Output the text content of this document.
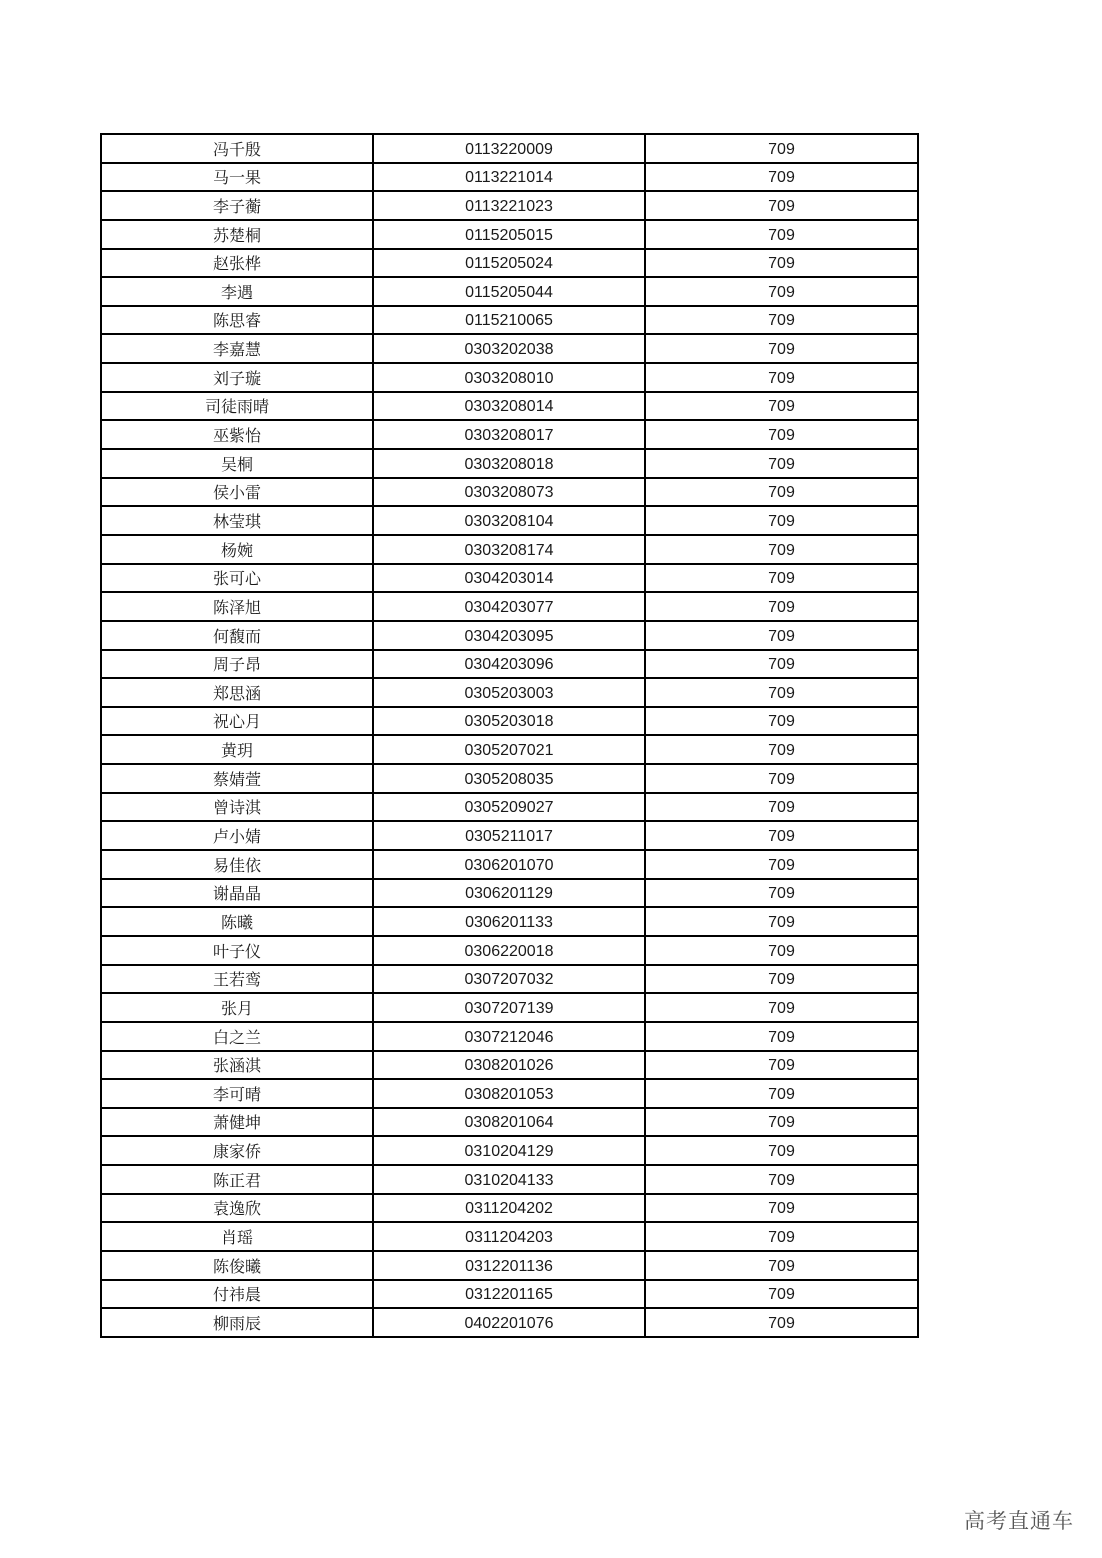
冯千殷	0113220009	709
马一果	0113221014	709
李子蘅	0113221023	709
苏楚桐	0115205015	709
赵张桦	0115205024	709
李遇	0115205044	709
陈思睿	0115210065	709
李嘉慧	0303202038	709
刘子璇	0303208010	709
司徒雨晴	0303208014	709
巫紫怡	0303208017	709
吴桐	0303208018	709
侯小雷	0303208073	709
林莹琪	0303208104	709
杨婉	0303208174	709
张可心	0304203014	709
陈泽旭	0304203077	709
何馥而	0304203095	709
周子昂	0304203096	709
郑思涵	0305203003	709
祝心月	0305203018	709
黄玥	0305207021	709
蔡婧萱	0305208035	709
曾诗淇	0305209027	709
卢小婧	0305211017	709
易佳依	0306201070	709
谢晶晶	0306201129	709
陈曦	0306201133	709
叶子仪	0306220018	709
王若鸾	0307207032	709
张月	0307207139	709
白之兰	0307212046	709
张涵淇	0308201026	709
李可晴	0308201053	709
萧健坤	0308201064	709
康家侨	0310204129	709
陈正君	0310204133	709
袁逸欣	0311204202	709
肖瑶	0311204203	709
陈俊曦	0312201136	709
付祎晨	0312201165	709
柳雨辰	0402201076	709
高考直通车
